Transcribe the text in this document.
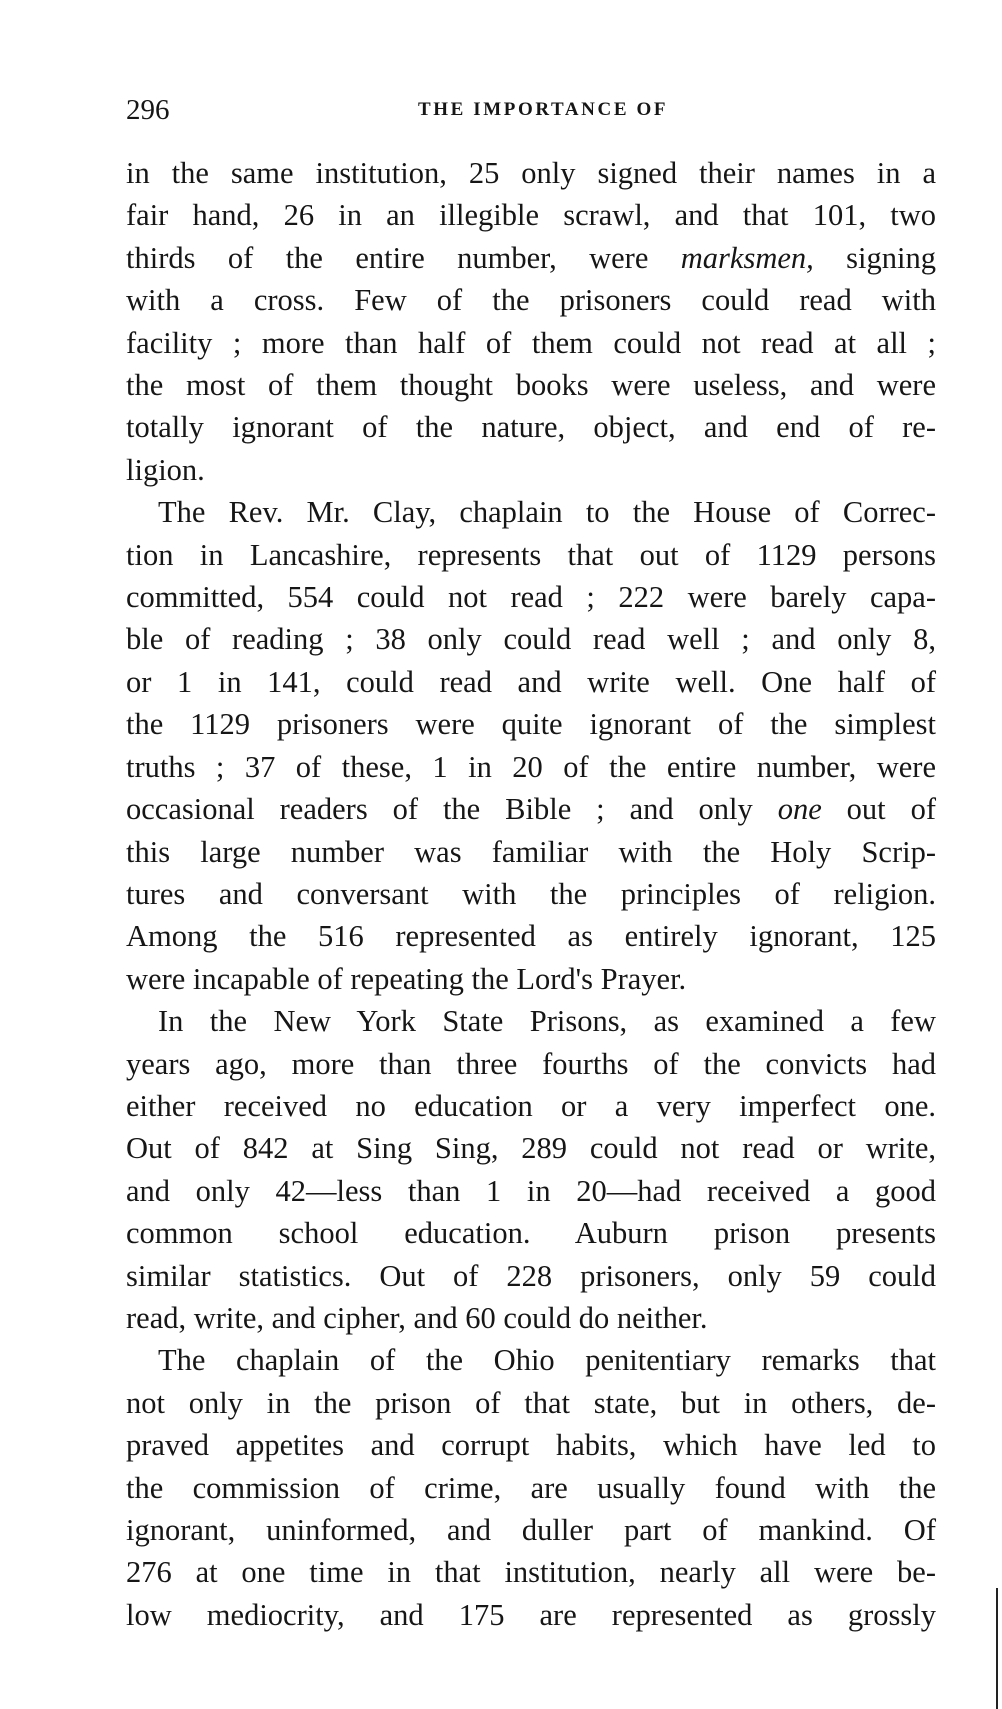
296	THE IMPORTANCE OF

in the same institution, 25 only signed their names in a
fair hand, 26 in an illegible scrawl, and that 101, two
thirds of the entire number, were marksmen, signing
with a cross. Few of the prisoners could read with
facility ; more than half of them could not read at all ;
the most of them thought books were useless, and were
totally ignorant of the nature, object, and end of re-
ligion.

The Rev. Mr. Clay, chaplain to the House of Correc-
tion in Lancashire, represents that out of 1129 persons
committed, 554 could not read ; 222 were barely capa-
ble of reading ; 38 only could read well ; and only 8,
or 1 in 141, could read and write well. One half of
the 1129 prisoners were quite ignorant of the simplest
truths ; 37 of these, 1 in 20 of the entire number, were
occasional readers of the Bible ; and only one out of
this large number was familiar with the Holy Scrip-
tures and conversant with the principles of religion.
Among the 516 represented as entirely ignorant, 125
were incapable of repeating the Lord's Prayer.

In the New York State Prisons, as examined a few
years ago, more than three fourths of the convicts had
either received no education or a very imperfect one.
Out of 842 at Sing Sing, 289 could not read or write,
and only 42—less than 1 in 20—had received a good
common school education. Auburn prison presents
similar statistics. Out of 228 prisoners, only 59 could
read, write, and cipher, and 60 could do neither.

The chaplain of the Ohio penitentiary remarks that
not only in the prison of that state, but in others, de-
praved appetites and corrupt habits, which have led to
the commission of crime, are usually found with the
ignorant, uninformed, and duller part of mankind. Of
276 at one time in that institution, nearly all were be-
low mediocrity, and 175 are represented as grossly
